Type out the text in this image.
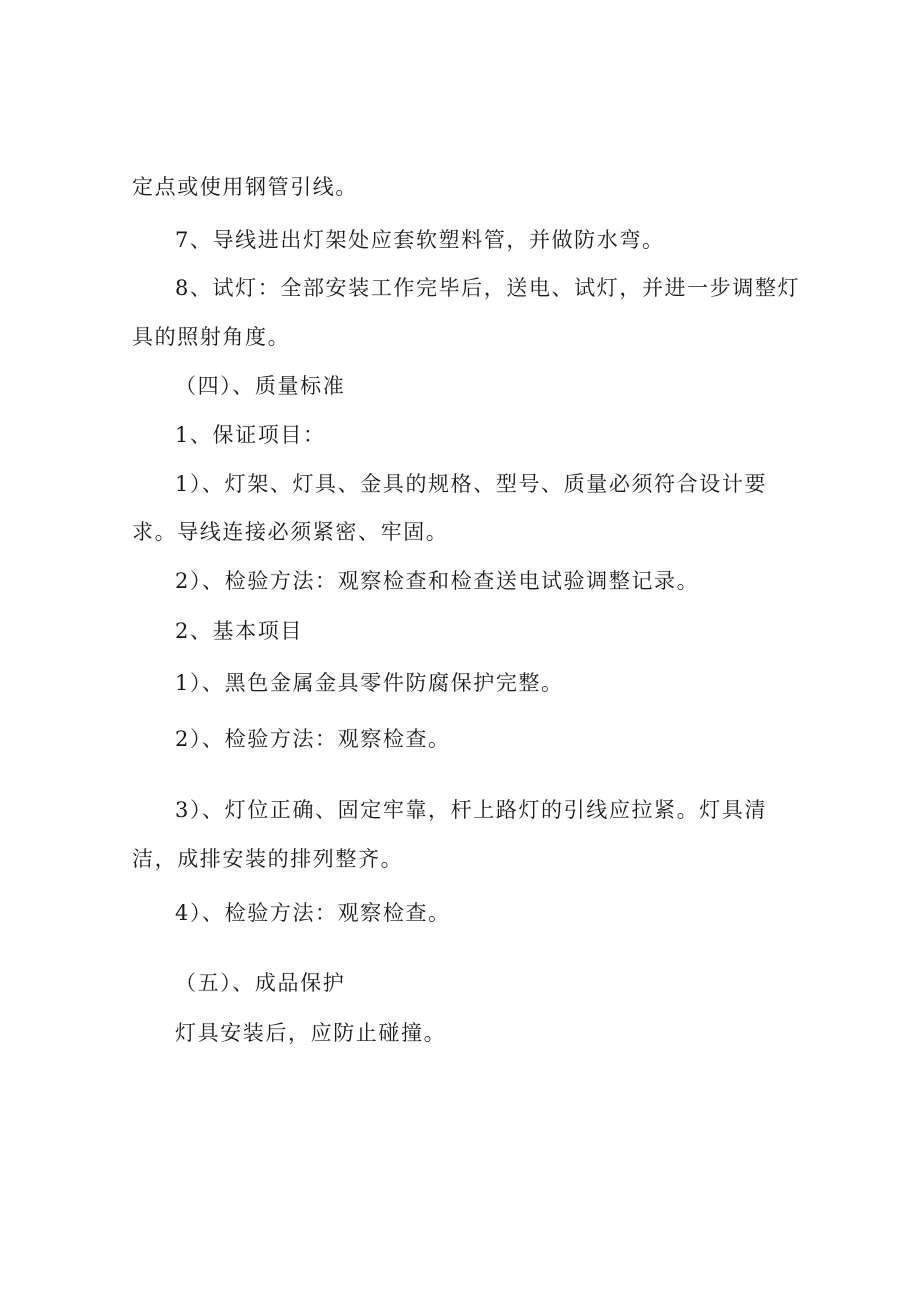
定点或使用钢管引线。
7、导线进出灯架处应套软塑料管，并做防水弯。
8、试灯：全部安装工作完毕后，送电、试灯，并进一步调整灯
具的照射角度。
（四）、质量标准
1、保证项目：
1）、灯架、灯具、金具的规格、型号、质量必须符合设计要
求。导线连接必须紧密、牢固。
2）、检验方法：观察检查和检查送电试验调整记录。
2、基本项目
1）、黑色金属金具零件防腐保护完整。
2）、检验方法：观察检查。
3）、灯位正确、固定牢靠，杆上路灯的引线应拉紧。灯具清
洁，成排安装的排列整齐。
4）、检验方法：观察检查。
（五）、成品保护
灯具安装后，应防止碰撞。
